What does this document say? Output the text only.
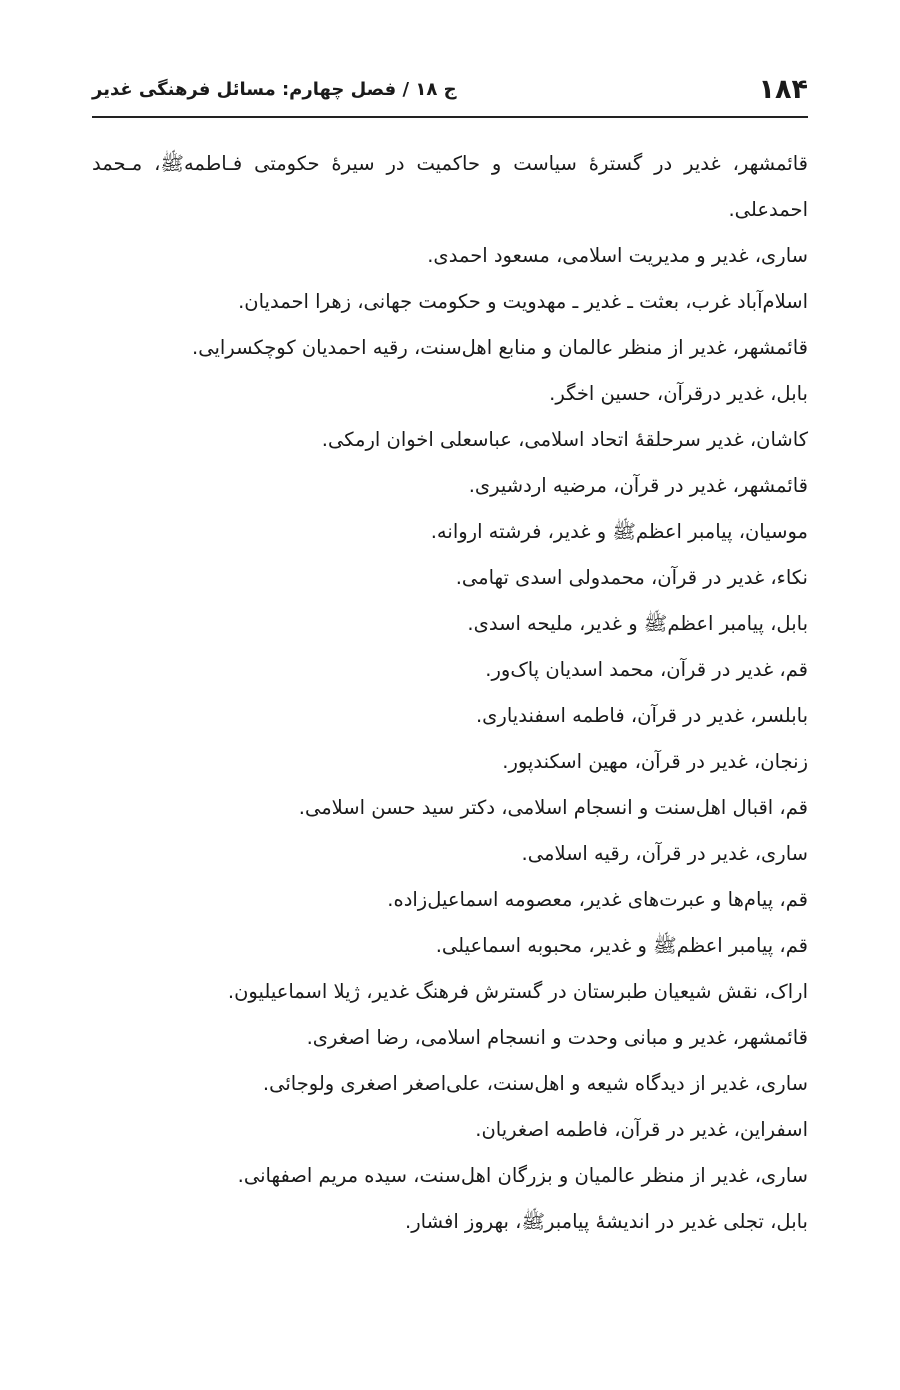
۱۸۴
ج ۱۸ / فصل چهارم: مسائل فرهنگی غدیر

قائمشهر، غدیر در گسترۀ سیاست و حاکمیت در سیرۀ حکومتی فـاطمهﷺ، مـحمد احمدعلی.

ساری، غدیر و مدیریت اسلامی، مسعود احمدی.

اسلام‌آباد غرب، بعثت ـ غدیر ـ مهدویت و حکومت جهانی، زهرا احمدیان.

قائمشهر، غدیر از منظر عالمان و منابع اهل‌سنت، رقیه احمدیان کوچکسرایی.

بابل، غدیر درقرآن، حسین اخگر.

کاشان، غدیر سرحلقۀ اتحاد اسلامی، عباسعلی اخوان ارمکی.

قائمشهر، غدیر در قرآن، مرضیه اردشیری.

موسیان، پیامبر اعظمﷺ و غدیر، فرشته اروانه.

نکاء، غدیر در قرآن، محمدولی اسدی تهامی.

بابل، پیامبر اعظمﷺ و غدیر، ملیحه اسدی.

قم، غدیر در قرآن، محمد اسدیان پاک‌ور.

بابلسر، غدیر در قرآن، فاطمه اسفندیاری.

زنجان، غدیر در قرآن، مهین اسکندپور.

قم، اقبال اهل‌سنت و انسجام اسلامی، دکتر سید حسن اسلامی.

ساری، غدیر در قرآن، رقیه اسلامی.

قم، پیام‌ها و عبرت‌های غدیر، معصومه اسماعیل‌زاده.

قم، پیامبر اعظمﷺ و غدیر، محبوبه اسماعیلی.

اراک، نقش شیعیان طبرستان در گسترش فرهنگ غدیر، ژیلا اسماعیلیون.

قائمشهر، غدیر و مبانی وحدت و انسجام اسلامی، رضا اصغری.

ساری، غدیر از دیدگاه شیعه و اهل‌سنت، علی‌اصغر اصغری ولوجائی.

اسفراین، غدیر در قرآن، فاطمه اصغریان.

ساری، غدیر از منظر عالمیان و بزرگان اهل‌سنت، سیده مریم اصفهانی.

بابل، تجلی غدیر در اندیشۀ پیامبرﷺ، بهروز افشار.
